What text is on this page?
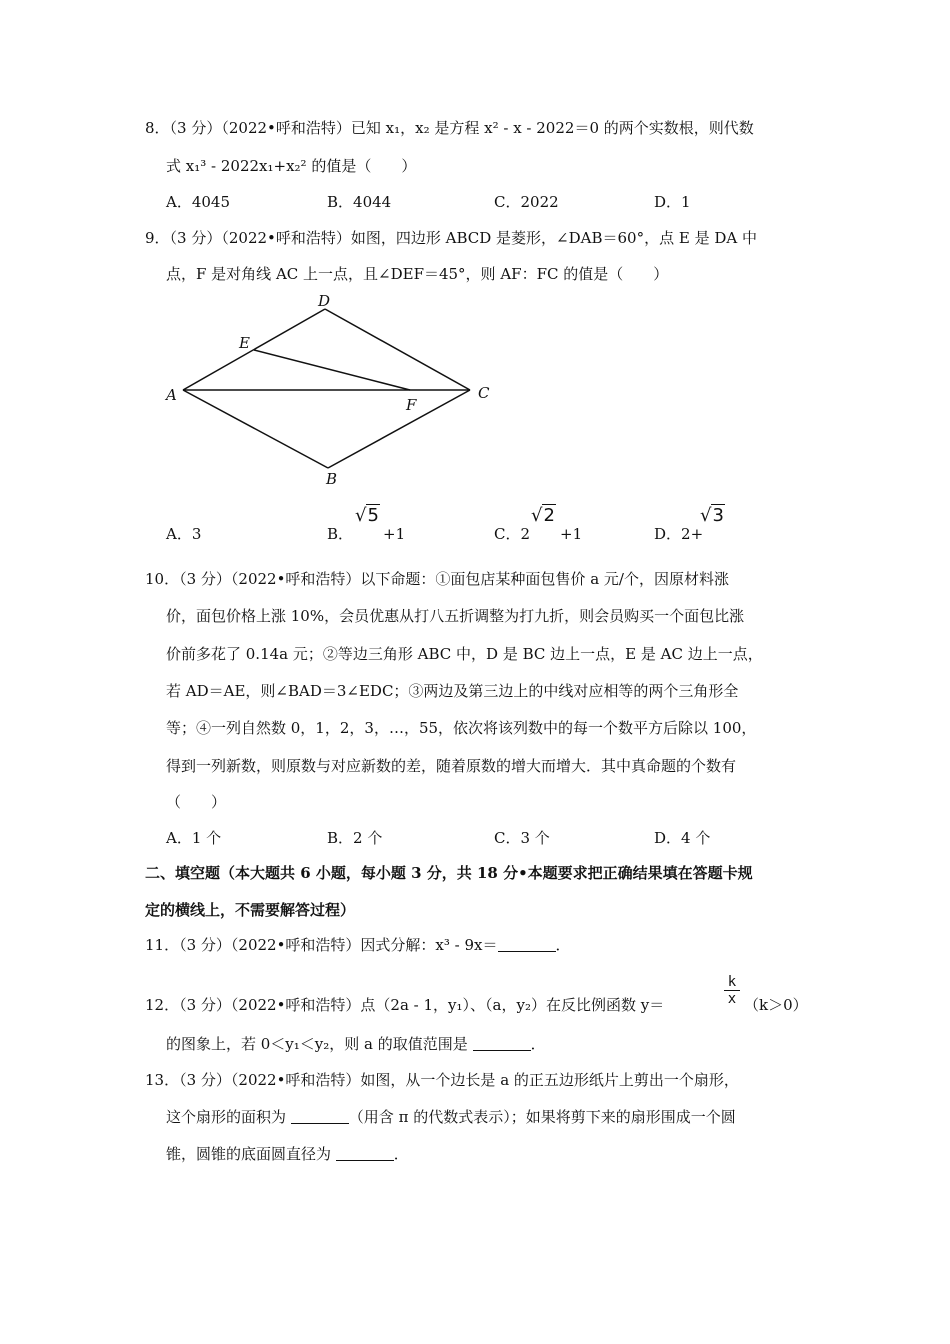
8．（3 分）（2022•呼和浩特）已知 x₁，x₂ 是方程 x² - x - 2022＝0 的两个实数根，则代数
式 x₁³ - 2022x₁+x₂² 的值是（　　）
A．4045	B．4044	C．2022	D．1
9．（3 分）（2022•呼和浩特）如图，四边形 ABCD 是菱形，∠DAB＝60°，点 E 是 DA 中
点，F 是对角线 AC 上一点，且∠DEF＝45°，则 AF：FC 的值是（　　）
D
E
A
F
C
B
A．3	B． +1
√5
C．2 +1
√2
D．2+
√3
10．（3 分）（2022•呼和浩特）以下命题：①面包店某种面包售价 a 元/个，因原材料涨
价，面包价格上涨 10%，会员优惠从打八五折调整为打九折，则会员购买一个面包比涨
价前多花了 0.14a 元；②等边三角形 ABC 中，D 是 BC 边上一点，E 是 AC 边上一点，
若 AD＝AE，则∠BAD＝3∠EDC；③两边及第三边上的中线对应相等的两个三角形全
等；④一列自然数 0，1，2，3，…，55，依次将该列数中的每一个数平方后除以 100，
得到一列新数，则原数与对应新数的差，随着原数的增大而增大．其中真命题的个数有
（　　）
A．1 个	B．2 个	C．3 个	D．4 个
二、填空题（本大题共 6 小题，每小题 3 分，共 18 分•本题要求把正确结果填在答题卡规
定的横线上，不需要解答过程）
11．（3 分）（2022•呼和浩特）因式分解：x³ - 9x＝	．
12．（3 分）（2022•呼和浩特）点（2a - 1，y₁）、（a，y₂）在反比例函数 y＝	$\frac{k}{x} (k>0)$
的图象上，若 0＜y₁＜y₂，则 a 的取值范围是	．
13．（3 分）（2022•呼和浩特）如图，从一个边长是 a 的正五边形纸片上剪出一个扇形，
这个扇形的面积为	（用含 π 的代数式表示）；如果将剪下来的扇形围成一个圆
锥，圆锥的底面圆直径为	．
